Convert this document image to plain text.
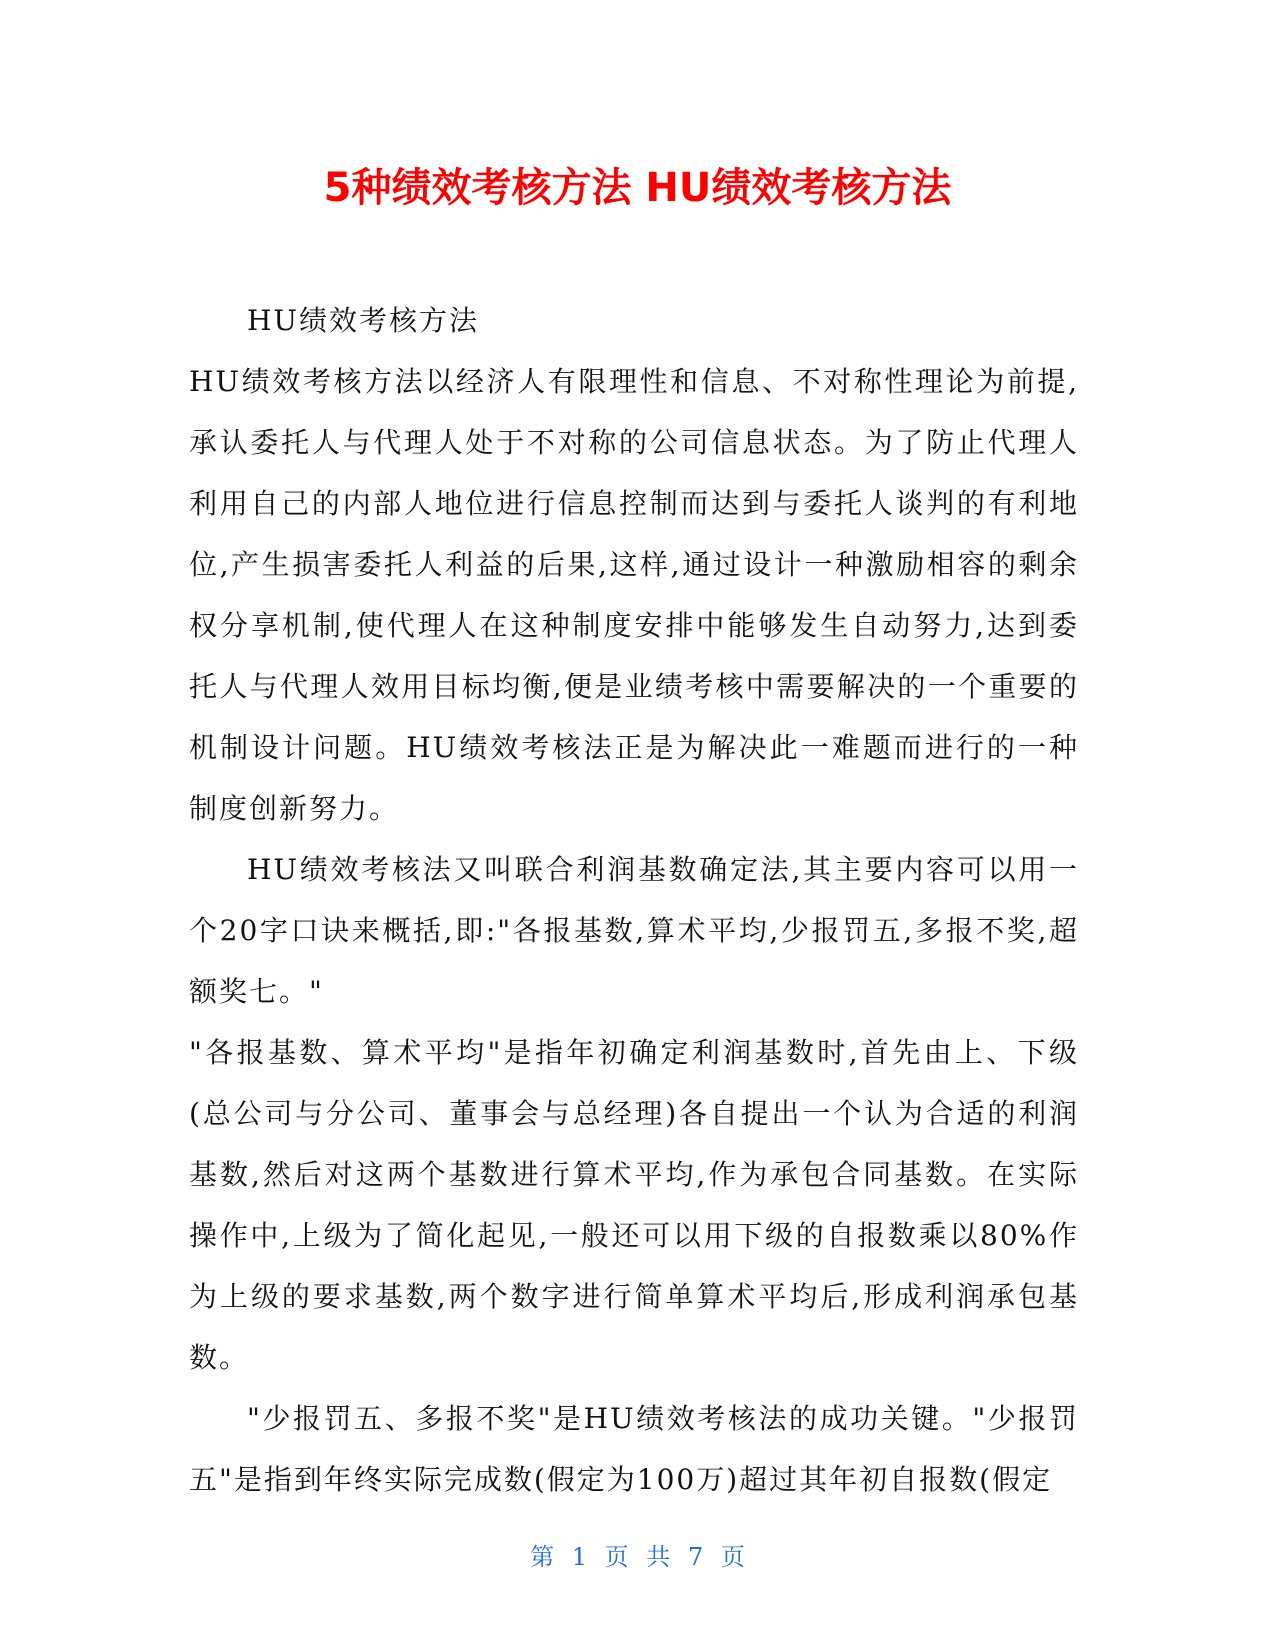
5种绩效考核方法 HU绩效考核方法

HU绩效考核方法

HU绩效考核方法以经济人有限理性和信息、不对称性理论为前提,承认委托人与代理人处于不对称的公司信息状态。为了防止代理人利用自己的内部人地位进行信息控制而达到与委托人谈判的有利地位,产生损害委托人利益的后果,这样,通过设计一种激励相容的剩余权分享机制,使代理人在这种制度安排中能够发生自动努力,达到委托人与代理人效用目标均衡,便是业绩考核中需要解决的一个重要的机制设计问题。HU绩效考核法正是为解决此一难题而进行的一种制度创新努力。

HU绩效考核法又叫联合利润基数确定法,其主要内容可以用一个20字口诀来概括,即:"各报基数,算术平均,少报罚五,多报不奖,超额奖七。"

"各报基数、算术平均"是指年初确定利润基数时,首先由上、下级(总公司与分公司、董事会与总经理)各自提出一个认为合适的利润基数,然后对这两个基数进行算术平均,作为承包合同基数。在实际操作中,上级为了简化起见,一般还可以用下级的自报数乘以80%作为上级的要求基数,两个数字进行简单算术平均后,形成利润承包基数。

"少报罚五、多报不奖"是HU绩效考核法的成功关键。"少报罚五"是指到年终实际完成数(假定为100万)超过其年初自报数(假定

第 1 页 共 7 页
